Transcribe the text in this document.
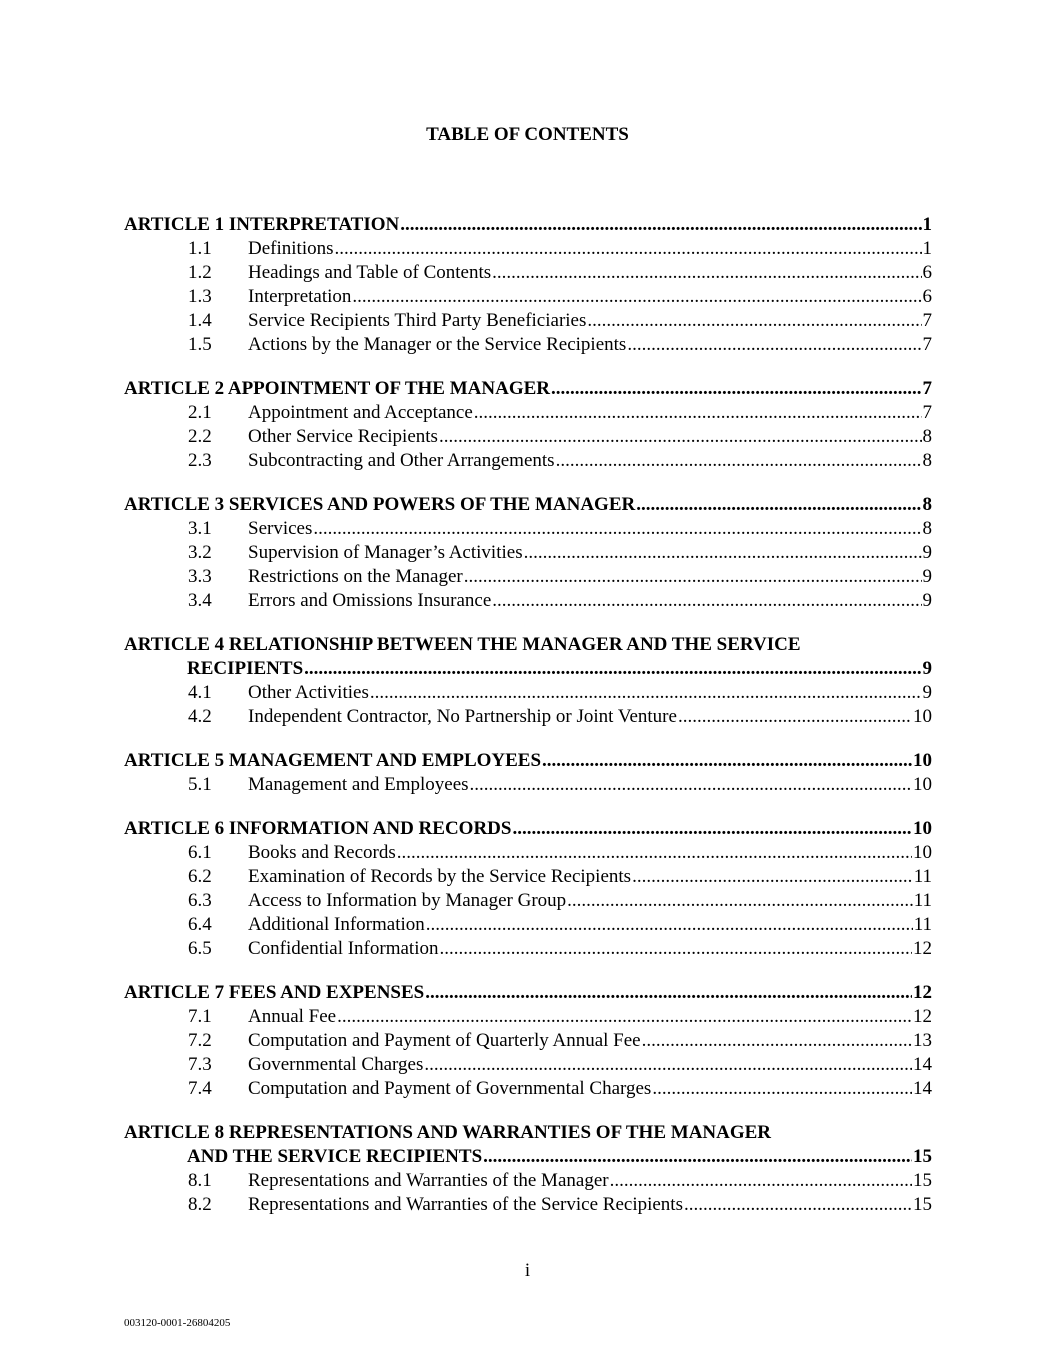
TABLE OF CONTENTS
ARTICLE 1 INTERPRETATION .....	1
1.1	Definitions .....	1
1.2	Headings and Table of Contents .....	6
1.3	Interpretation .....	6
1.4	Service Recipients Third Party Beneficiaries .....	7
1.5	Actions by the Manager or the Service Recipients .....	7
ARTICLE 2 APPOINTMENT OF THE MANAGER .....	7
2.1	Appointment and Acceptance .....	7
2.2	Other Service Recipients .....	8
2.3	Subcontracting and Other Arrangements .....	8
ARTICLE 3 SERVICES AND POWERS OF THE MANAGER .....	8
3.1	Services .....	8
3.2	Supervision of Manager’s Activities .....	9
3.3	Restrictions on the Manager .....	9
3.4	Errors and Omissions Insurance .....	9
ARTICLE 4 RELATIONSHIP BETWEEN THE MANAGER AND THE SERVICE
RECIPIENTS .....	9
4.1	Other Activities .....	9
4.2	Independent Contractor, No Partnership or Joint Venture .....	10
ARTICLE 5 MANAGEMENT AND EMPLOYEES .....	10
5.1	Management and Employees .....	10
ARTICLE 6 INFORMATION AND RECORDS .....	10
6.1	Books and Records .....	10
6.2	Examination of Records by the Service Recipients .....	11
6.3	Access to Information by Manager Group .....	11
6.4	Additional Information .....	11
6.5	Confidential Information .....	12
ARTICLE 7 FEES AND EXPENSES .....	12
7.1	Annual Fee .....	12
7.2	Computation and Payment of Quarterly Annual Fee .....	13
7.3	Governmental Charges .....	14
7.4	Computation and Payment of Governmental Charges .....	14
ARTICLE 8 REPRESENTATIONS AND WARRANTIES OF THE MANAGER
AND THE SERVICE RECIPIENTS .....	15
8.1	Representations and Warranties of the Manager .....	15
8.2	Representations and Warranties of the Service Recipients .....	15
i
003120-0001-26804205
